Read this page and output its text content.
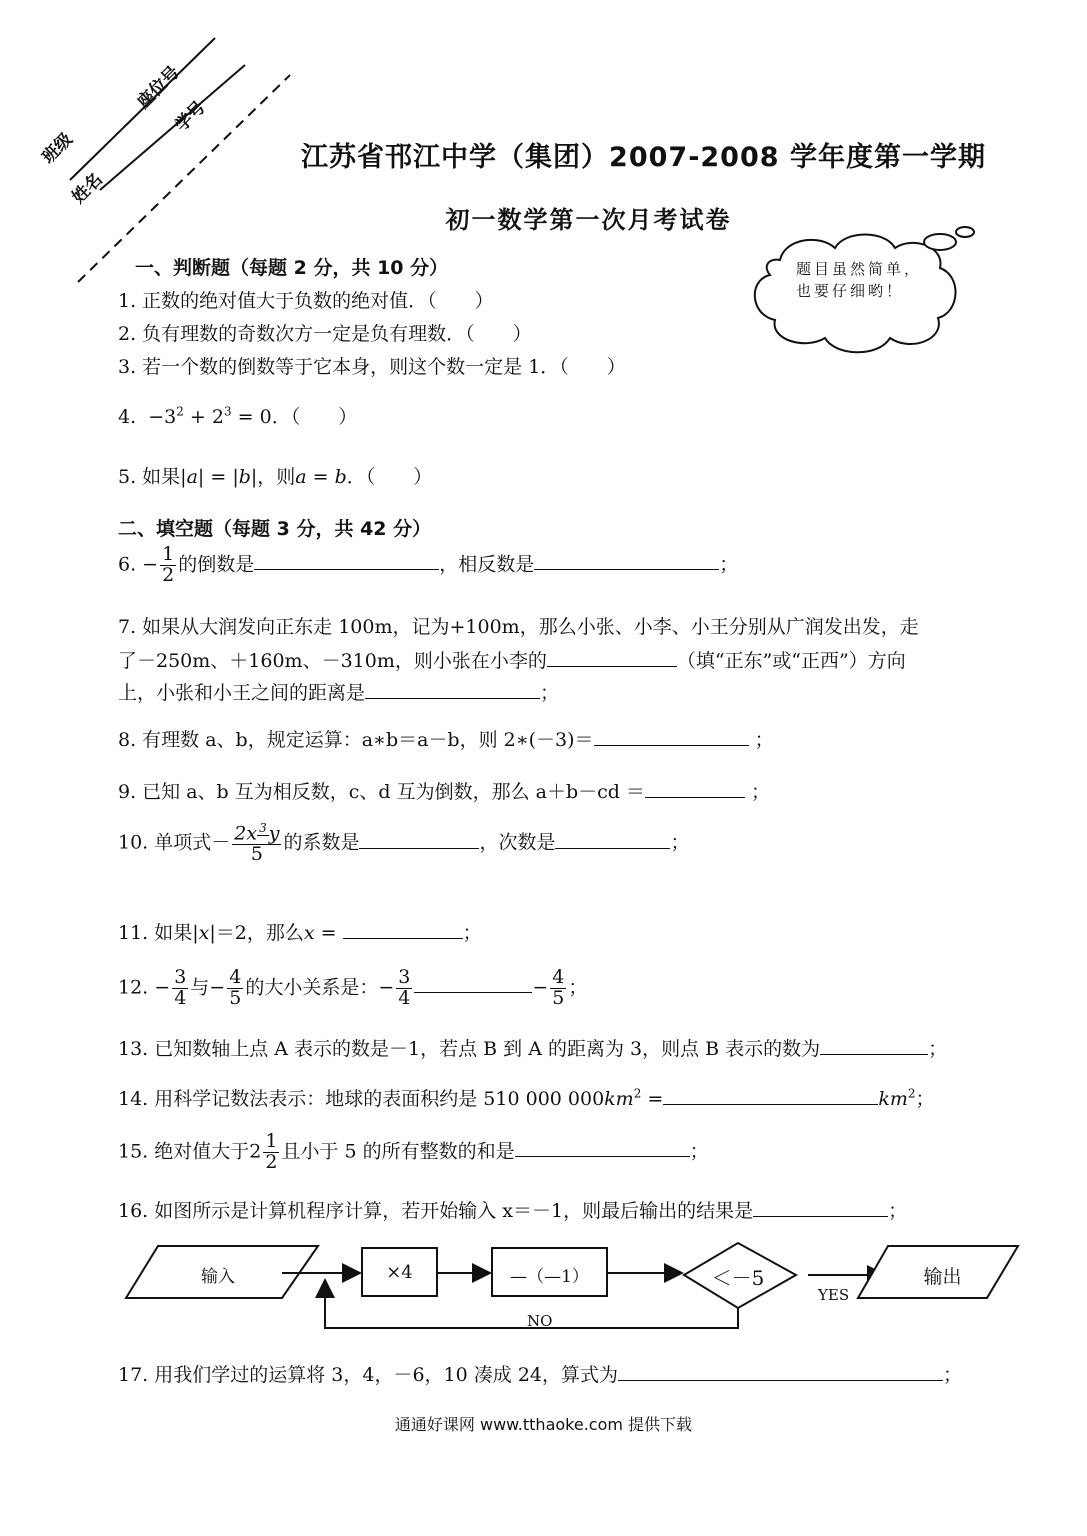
班级
座位号
姓名
学号
江苏省邗江中学（集团）2007-2008 学年度第一学期
初一数学第一次月考试卷
题目虽然简单，也要仔细哟！
一、判断题（每题 2 分，共 10 分）
1. 正数的绝对值大于负数的绝对值．（　　）
2. 负有理数的奇数次方一定是负有理数．（　　）
3. 若一个数的倒数等于它本身，则这个数一定是 1．（　　）
4.  $-3^2 + 2^3 = 0$．（　　）
5. 如果|a| = |b|，则a = b．（　　）
二、填空题（每题 3 分，共 42 分）
6. − $\frac{1}{2}$ 的倒数是	，相反数是	；
7. 如果从大润发向正东走 100m，记为+100m，那么小张、小李、小王分别从广润发出发，走
了－250m、＋160m、－310m，则小张在小李的	（填“正东”或“正西”）方向
上，小张和小王之间的距离是	；
8. 有理数 a、b，规定运算：a∗b＝a－b，则 2∗(－3)＝	；
9. 已知 a、b 互为相反数，c、d 互为倒数，那么 a＋b－cd ＝	；
10. 单项式－ $\frac{2x ^3 y}{5}$ 的系数是	，次数是	；
11. 如果|x|＝2，那么x =	；
12. − $\frac{3}{4}$ 与− $\frac{4}{5}$ 的大小关系是：− $\frac{3}{4}$	− $\frac{4}{5}$ ；
13. 已知数轴上点 A 表示的数是－1，若点 B 到 A 的距离为 3，则点 B 表示的数为	；
14. 用科学记数法表示：地球的表面积约是 510 000 $000km^2$ =	$km^2$；
15. 绝对值大于$2 \frac{1}{2}$ 且小于 5 的所有整数的和是	；
16. 如图所示是计算机程序计算，若开始输入 x＝－1，则最后输出的结果是	；
输入	×4	—（—1）	＜－5	输出
YES
NO
17. 用我们学过的运算将 3，4，－6，10 凑成 24，算式为	；
通通好课网 www.tthaoke.com 提供下载
